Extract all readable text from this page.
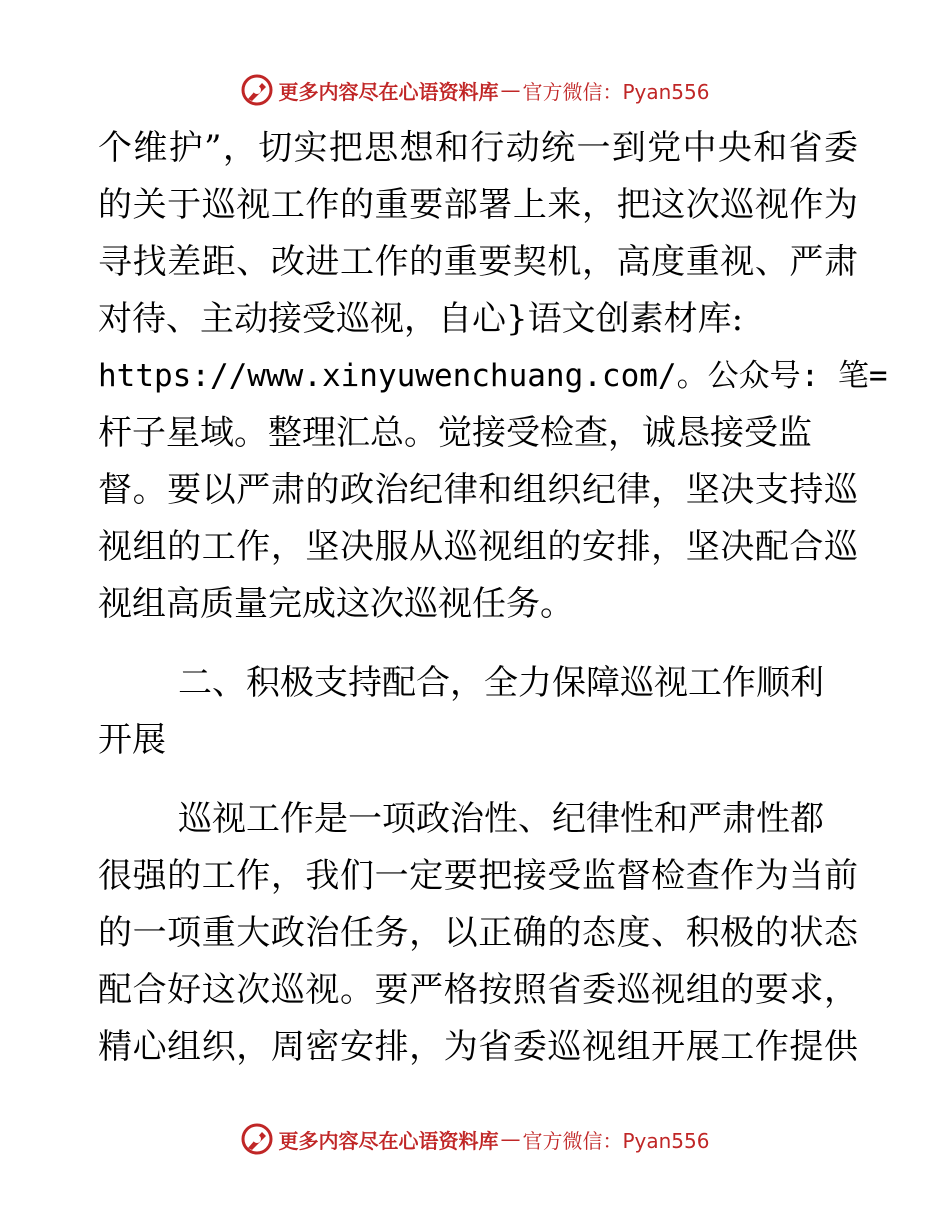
更多内容尽在心语资料库 — 官方微信：Pyan556
个维护”，切实把思想和行动统一到党中央和省委
的关于巡视工作的重要部署上来，把这次巡视作为
寻找差距、改进工作的重要契机，高度重视、严肃
对待、主动接受巡视，自心}语文创素材库:
https://www.xinyuwenchuang.com/。公众号: 笔=
杆子星域。整理汇总。觉接受检查，诚恳接受监
督。要以严肃的政治纪律和组织纪律，坚决支持巡
视组的工作，坚决服从巡视组的安排，坚决配合巡
视组高质量完成这次巡视任务。
二、积极支持配合，全力保障巡视工作顺利
开展
巡视工作是一项政治性、纪律性和严肃性都
很强的工作，我们一定要把接受监督检查作为当前
的一项重大政治任务，以正确的态度、积极的状态
配合好这次巡视。要严格按照省委巡视组的要求，
精心组织，周密安排，为省委巡视组开展工作提供
更多内容尽在心语资料库 — 官方微信：Pyan556
